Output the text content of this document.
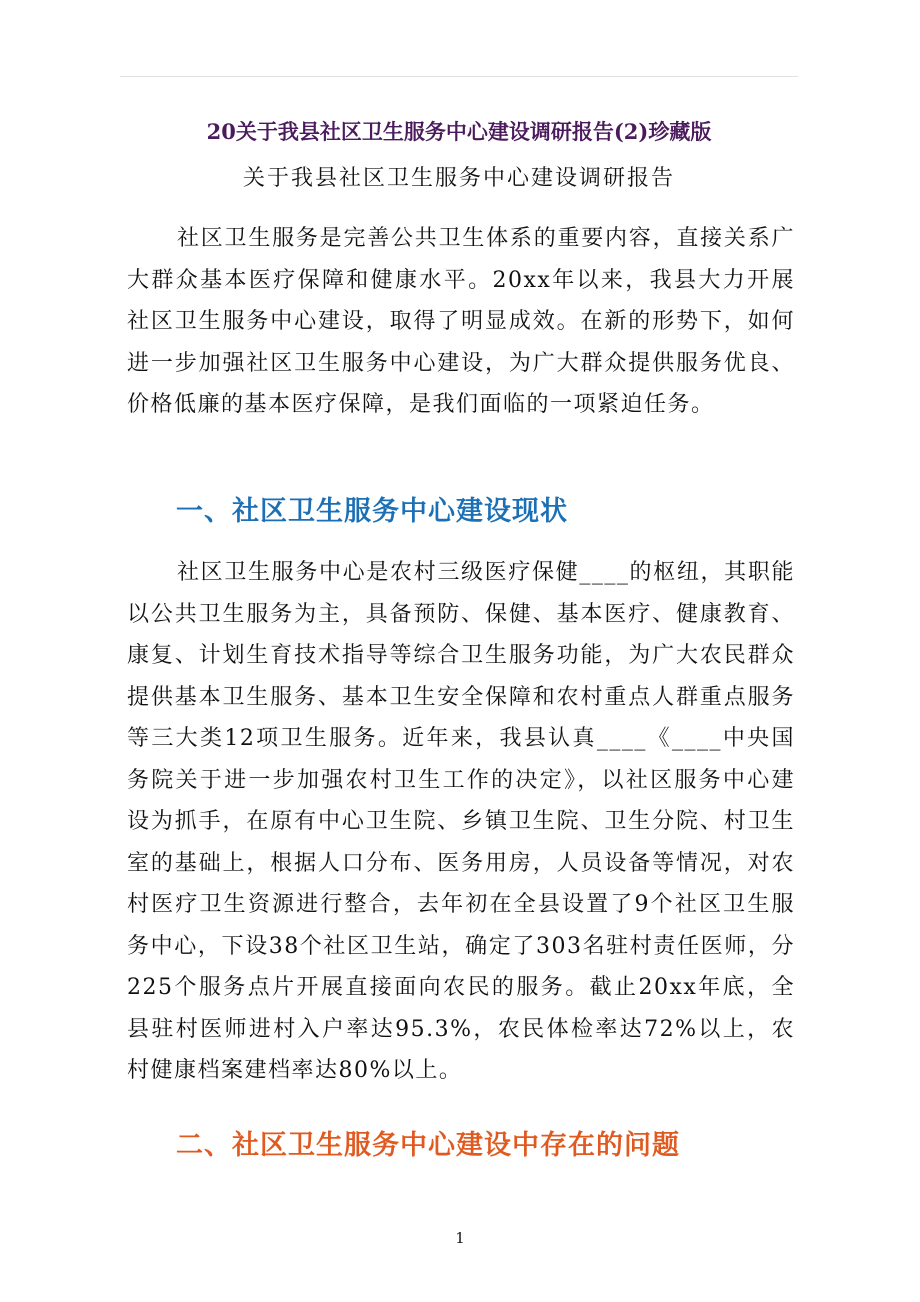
20关于我县社区卫生服务中心建设调研报告(2)珍藏版
关于我县社区卫生服务中心建设调研报告

社区卫生服务是完善公共卫生体系的重要内容，直接关系广大群众基本医疗保障和健康水平。20xx年以来，我县大力开展社区卫生服务中心建设，取得了明显成效。在新的形势下，如何进一步加强社区卫生服务中心建设，为广大群众提供服务优良、价格低廉的基本医疗保障，是我们面临的一项紧迫任务。

一、社区卫生服务中心建设现状

社区卫生服务中心是农村三级医疗保健____的枢纽，其职能以公共卫生服务为主，具备预防、保健、基本医疗、健康教育、康复、计划生育技术指导等综合卫生服务功能，为广大农民群众提供基本卫生服务、基本卫生安全保障和农村重点人群重点服务等三大类12项卫生服务。近年来，我县认真____《____中央国务院关于进一步加强农村卫生工作的决定》，以社区服务中心建设为抓手，在原有中心卫生院、乡镇卫生院、卫生分院、村卫生室的基础上，根据人口分布、医务用房，人员设备等情况，对农村医疗卫生资源进行整合，去年初在全县设置了9个社区卫生服务中心，下设38个社区卫生站，确定了303名驻村责任医师，分225个服务点片开展直接面向农民的服务。截止20xx年底，全县驻村医师进村入户率达95.3%，农民体检率达72%以上，农村健康档案建档率达80%以上。

二、社区卫生服务中心建设中存在的问题
1
